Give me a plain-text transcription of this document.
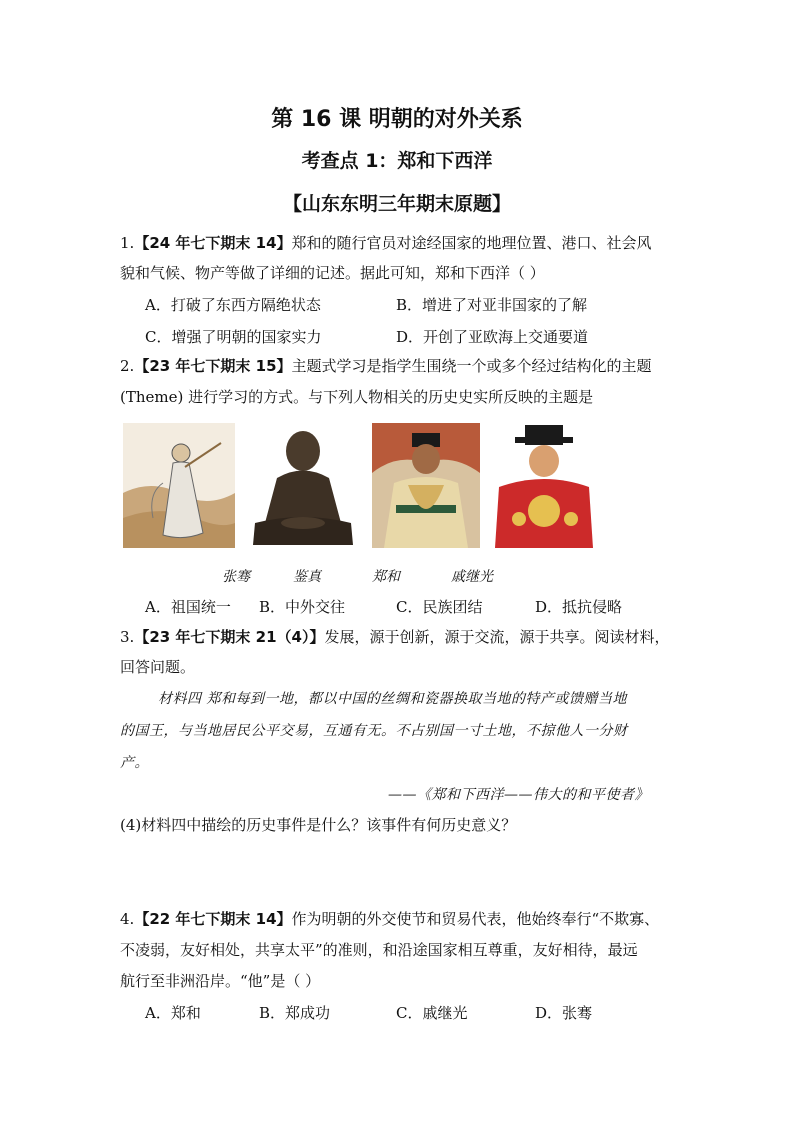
第 16 课 明朝的对外关系
考查点 1：郑和下西洋
【山东东明三年期末原题】
1.【24 年七下期末 14】郑和的随行官员对途经国家的地理位置、港口、社会风
貌和气候、物产等做了详细的记述。据此可知，郑和下西洋（ ）
A．打破了东西方隔绝状态	B．增进了对亚非国家的了解
C．增强了明朝的国家实力	D．开创了亚欧海上交通要道
2.【23 年七下期末 15】主题式学习是指学生围绕一个或多个经过结构化的主题
(Theme) 进行学习的方式。与下列人物相关的历史史实所反映的主题是
张骞	鉴真	郑和	戚继光
A．祖国统一 B．中外交往	C．民族团结	D．抵抗侵略
3.【23 年七下期末 21（4）】发展，源于创新，源于交流，源于共享。阅读材料，
回答问题。
材料四 郑和每到一地，都以中国的丝绸和瓷器换取当地的特产或馈赠当地
的国王，与当地居民公平交易，互通有无。不占别国一寸土地，不掠他人一分财
产。
——《郑和下西洋——伟大的和平使者》
(4)材料四中描绘的历史事件是什么？该事件有何历史意义？
4.【22 年七下期末 14】作为明朝的外交使节和贸易代表，他始终奉行“不欺寡、
不凌弱，友好相处，共享太平”的准则，和沿途国家相互尊重，友好相待，最远
航行至非洲沿岸。“他”是（ ）
A．郑和	B．郑成功	C．戚继光	D．张骞
